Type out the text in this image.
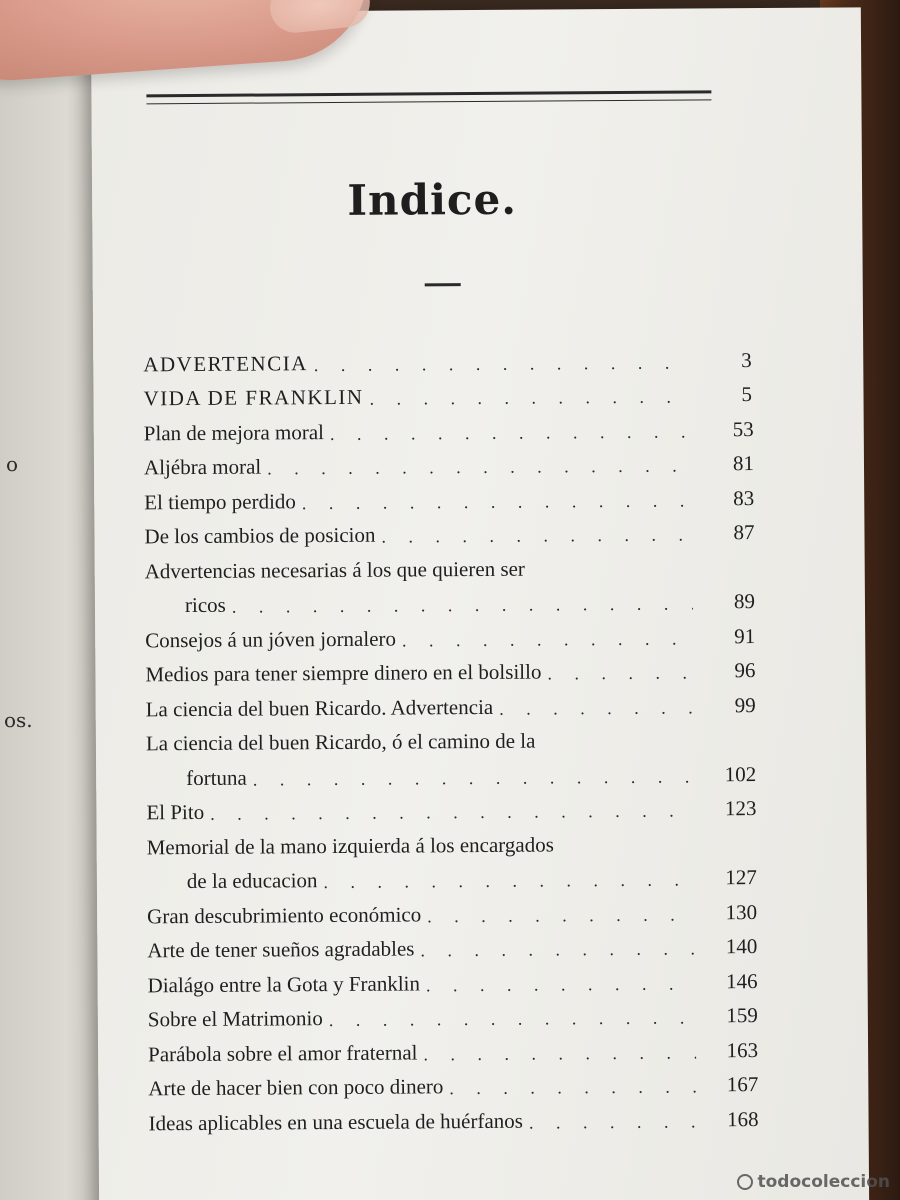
o
os.
Indice.
ADVERTENCIA . . .	3
VIDA DE FRANKLIN . . .	5
Plan de mejora moral . . .	53
Aljébra moral . . .	81
El tiempo perdido . . .	83
De los cambios de posicion . . .	87
Advertencias necesarias á los que quieren ser
ricos . . .	89
Consejos á un jóven jornalero . . .	91
Medios para tener siempre dinero en el bolsillo . . .	96
La ciencia del buen Ricardo. Advertencia . . .	99
La ciencia del buen Ricardo, ó el camino de la
fortuna . . .	102
El Pito . . .	123
Memorial de la mano izquierda á los encargados
de la educacion . . .	127
Gran descubrimiento económico . . .	130
Arte de tener sueños agradables . . .	140
Dialágo entre la Gota y Franklin . . .	146
Sobre el Matrimonio . . .	159
Parábola sobre el amor fraternal . . .	163
Arte de hacer bien con poco dinero . . .	167
Ideas aplicables en una escuela de huérfanos . . .	168
todocoleccion
